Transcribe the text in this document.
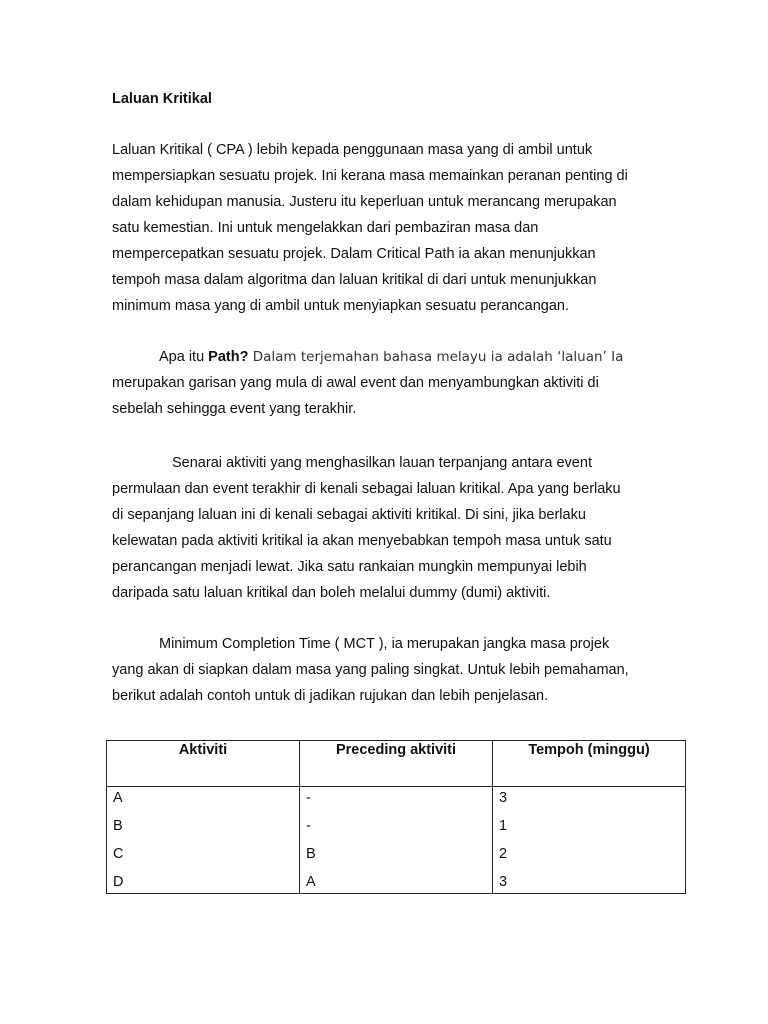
Laluan Kritikal
Laluan Kritikal ( CPA ) lebih kepada penggunaan masa yang di ambil untuk
mempersiapkan sesuatu projek. Ini kerana masa memainkan peranan penting di
dalam kehidupan manusia. Justeru itu keperluan untuk merancang merupakan
satu kemestian. Ini untuk mengelakkan dari pembaziran masa dan
mempercepatkan sesuatu projek. Dalam Critical Path ia akan menunjukkan
tempoh masa dalam algoritma dan laluan kritikal di dari untuk menunjukkan
minimum masa yang di ambil untuk menyiapkan sesuatu perancangan.
Apa itu Path? Dalam terjemahan bahasa melayu ia adalah ‘laluan’ Ia
merupakan garisan yang mula di awal event dan menyambungkan aktiviti di
sebelah sehingga event yang terakhir.
Senarai aktiviti yang menghasilkan lauan terpanjang antara event
permulaan dan event terakhir di kenali sebagai laluan kritikal. Apa yang berlaku
di sepanjang laluan ini di kenali sebagai aktiviti kritikal. Di sini, jika berlaku
kelewatan pada aktiviti kritikal ia akan menyebabkan tempoh masa untuk satu
perancangan menjadi lewat. Jika satu rankaian mungkin mempunyai lebih
daripada satu laluan kritikal dan boleh melalui dummy (dumi) aktiviti.
Minimum Completion Time ( MCT ), ia merupakan jangka masa projek
yang akan di siapkan dalam masa yang paling singkat. Untuk lebih pemahaman,
berikut adalah contoh untuk di jadikan rujukan dan lebih penjelasan.
Aktiviti	Preceding aktiviti	Tempoh (minggu)
A	-	3
B	-	1
C	B	2
D	A	3
